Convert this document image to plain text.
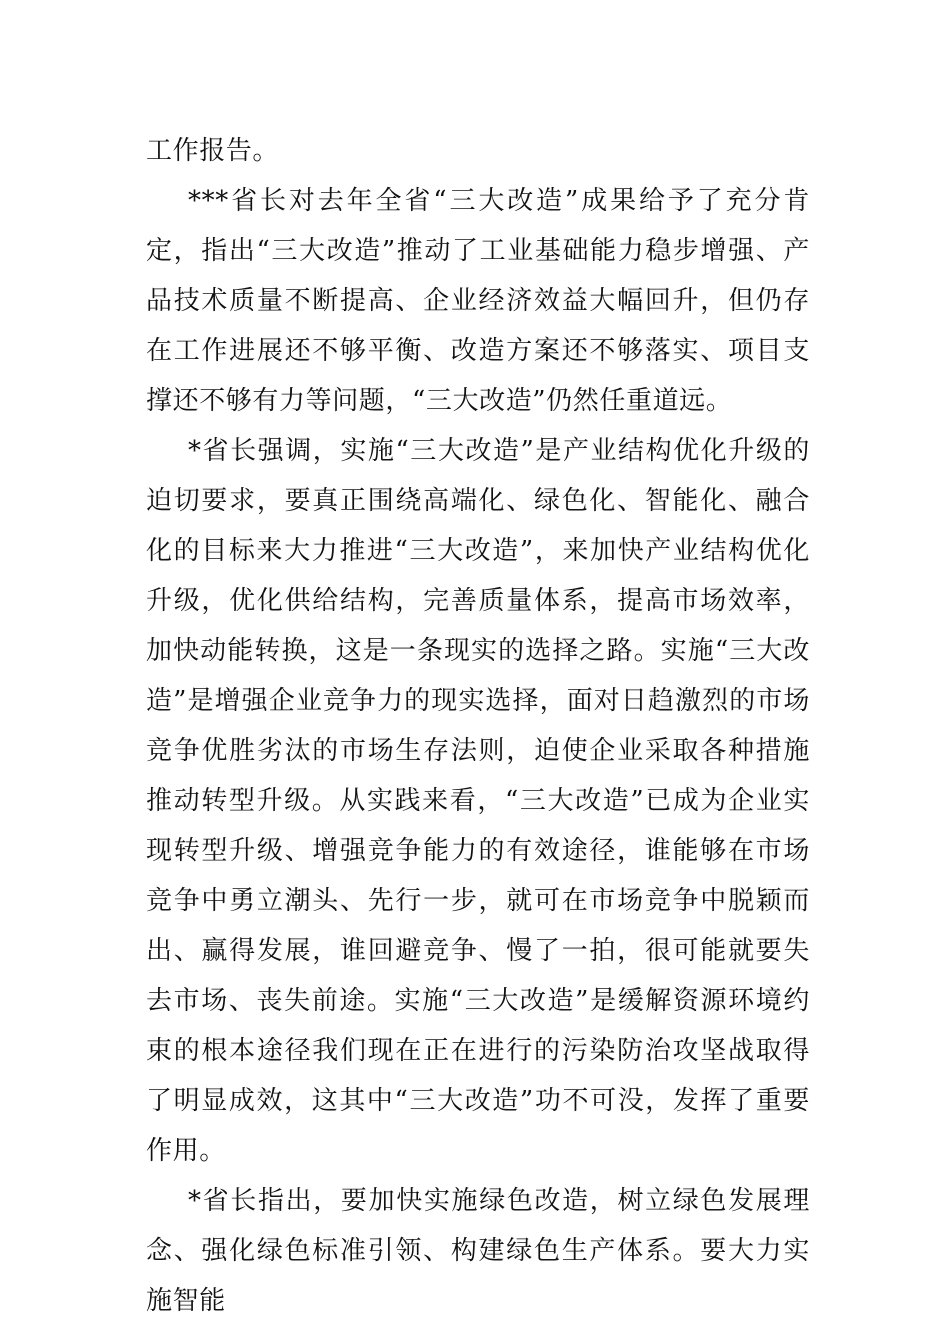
工作报告。

***省长对去年全省“三大改造”成果给予了充分肯定，指出“三大改造”推动了工业基础能力稳步增强、产品技术质量不断提高、企业经济效益大幅回升，但仍存在工作进展还不够平衡、改造方案还不够落实、项目支撑还不够有力等问题，“三大改造”仍然任重道远。

*省长强调，实施“三大改造”是产业结构优化升级的迫切要求，要真正围绕高端化、绿色化、智能化、融合化的目标来大力推进“三大改造”，来加快产业结构优化升级，优化供给结构，完善质量体系，提高市场效率，加快动能转换，这是一条现实的选择之路。实施“三大改造”是增强企业竞争力的现实选择，面对日趋激烈的市场竞争优胜劣汰的市场生存法则，迫使企业采取各种措施推动转型升级。从实践来看，“三大改造”已成为企业实现转型升级、增强竞争能力的有效途径，谁能够在市场竞争中勇立潮头、先行一步，就可在市场竞争中脱颖而出、赢得发展，谁回避竞争、慢了一拍，很可能就要失去市场、丧失前途。实施“三大改造”是缓解资源环境约束的根本途径我们现在正在进行的污染防治攻坚战取得了明显成效，这其中“三大改造”功不可没，发挥了重要作用。

*省长指出，要加快实施绿色改造，树立绿色发展理念、强化绿色标准引领、构建绿色生产体系。要大力实施智能
